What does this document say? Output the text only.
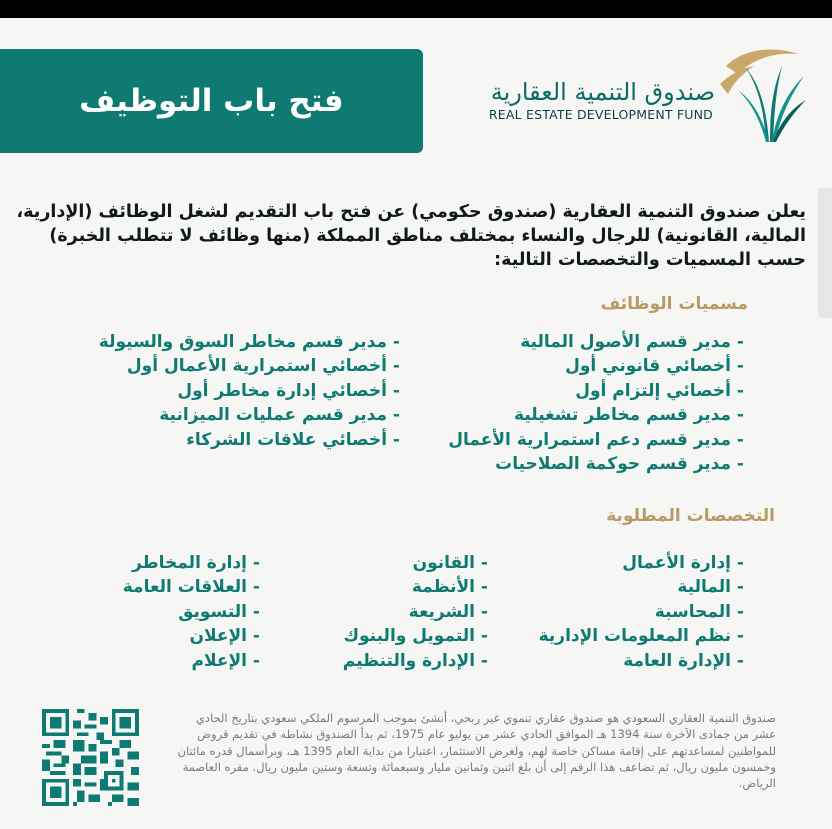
فتح باب التوظيف	صندوق التنمية العقارية
REAL ESTATE DEVELOPMENT FUND

يعلن صندوق التنمية العقارية (صندوق حكومي) عن فتح باب التقديم لشغل الوظائف (الإدارية، المالية، القانونية) للرجال والنساء بمختلف مناطق المملكة (منها وظائف لا تتطلب الخبرة) حسب المسميات والتخصصات التالية:

مسميات الوظائف
- مدير قسم الأصول المالية
- أخصائي قانوني أول
- أخصائي إلتزام أول
- مدير قسم مخاطر تشغيلية
- مدير قسم دعم استمرارية الأعمال
- مدير قسم حوكمة الصلاحيات
- مدير قسم مخاطر السوق والسيولة
- أخصائي استمرارية الأعمال أول
- أخصائي إدارة مخاطر أول
- مدير قسم عمليات الميزانية
- أخصائي علاقات الشركاء
التخصصات المطلوبة
- إدارة الأعمال
- المالية
- المحاسبة
- نظم المعلومات الإدارية
- الإدارة العامة
- القانون
- الأنظمة
- الشريعة
- التمويل والبنوك
- الإدارة والتنظيم
- إدارة المخاطر
- العلاقات العامة
- التسويق
- الإعلان
- الإعلام

صندوق التنمية العقاري السعودي هو صندوق عقاري تنموي غير ربحي، أنشئ بموجب المرسوم الملكي سعودي بتاريخ الحادي عشر من جمادى الآخرة سنة 1394 هـ الموافق الحادي عشر من يوليو عام 1975، ثم بدأ الصندوق نشاطه في تقديم قروض للمواطنين لمساعدتهم على إقامة مساكن خاصة لهم، ولغرض الاستثمار، اعتبارا من بداية العام 1395 هـ، وبرأسمال قدره مائتان وخمسون مليون ريال، ثم تضاعف هذا الرقم إلى أن بلغ اثنين وثمانين مليار وسبعمائة وتسعة وستين مليون ريال. مقره العاصمة الرياض.
